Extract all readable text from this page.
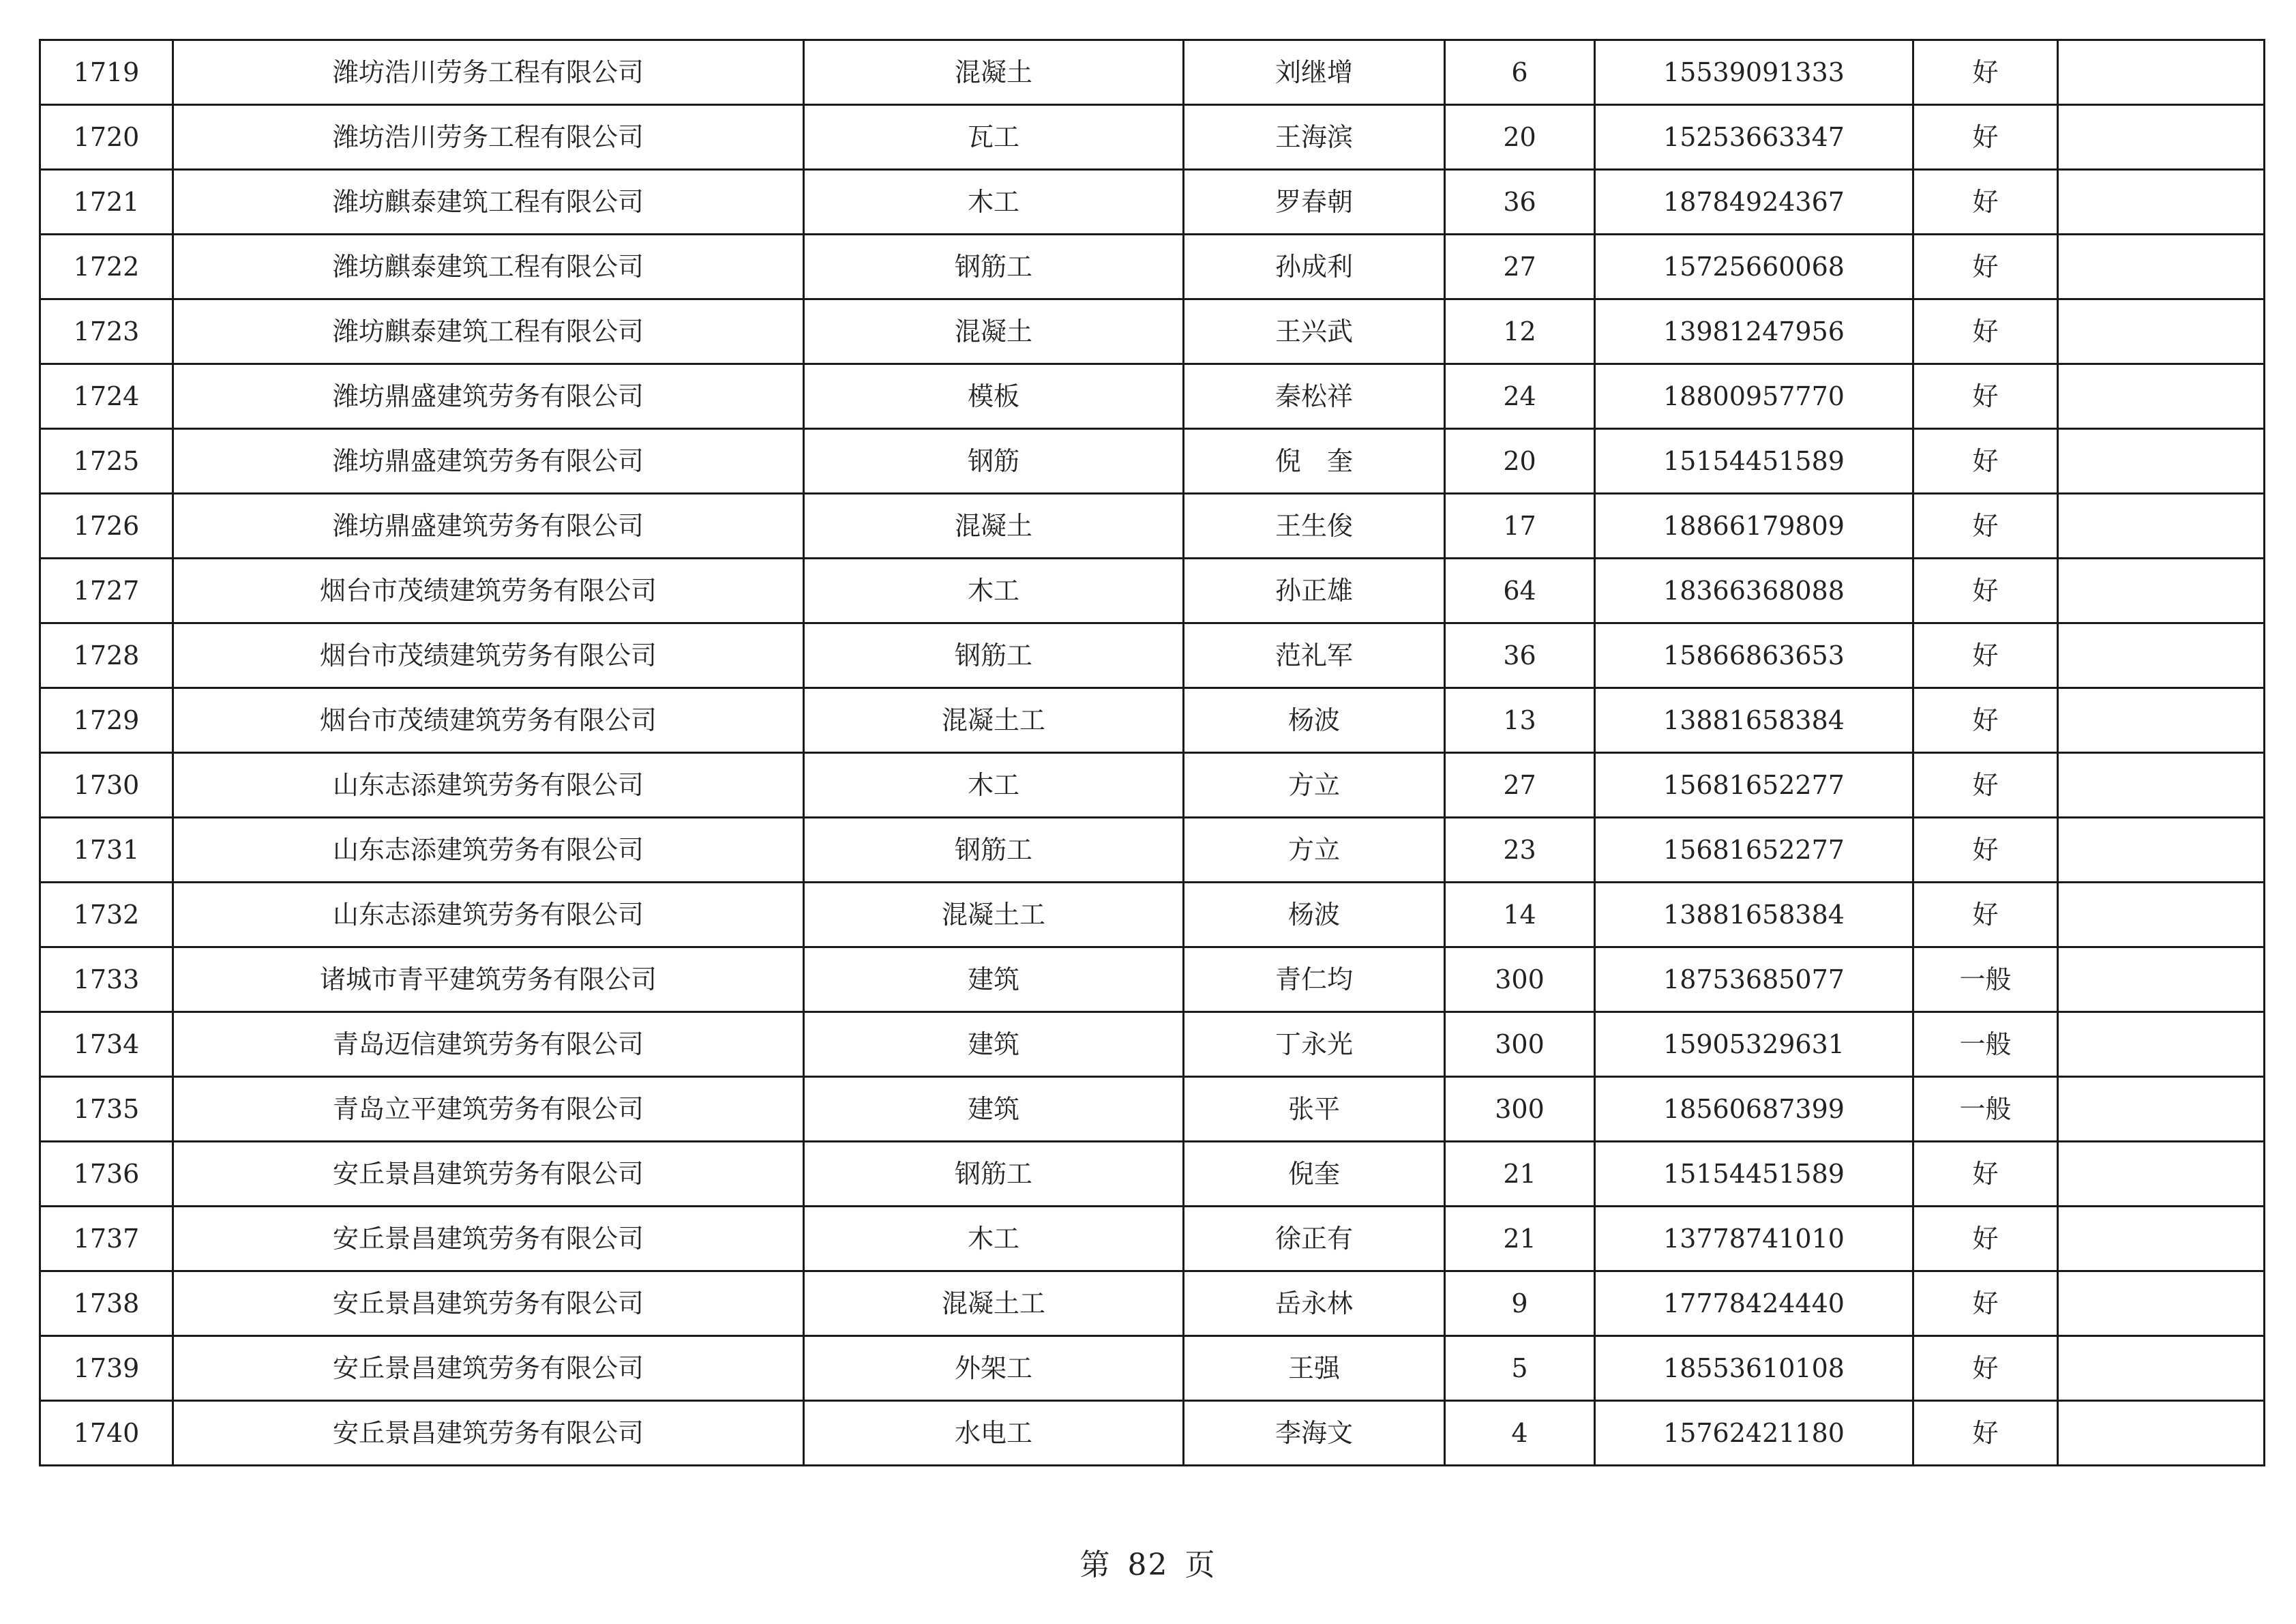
1719	潍坊浩川劳务工程有限公司	混凝土	刘继增	6	15539091333	好	
1720	潍坊浩川劳务工程有限公司	瓦工	王海滨	20	15253663347	好	
1721	潍坊麒泰建筑工程有限公司	木工	罗春朝	36	18784924367	好	
1722	潍坊麒泰建筑工程有限公司	钢筋工	孙成利	27	15725660068	好	
1723	潍坊麒泰建筑工程有限公司	混凝土	王兴武	12	13981247956	好	
1724	潍坊鼎盛建筑劳务有限公司	模板	秦松祥	24	18800957770	好	
1725	潍坊鼎盛建筑劳务有限公司	钢筋	倪　奎	20	15154451589	好	
1726	潍坊鼎盛建筑劳务有限公司	混凝土	王生俊	17	18866179809	好	
1727	烟台市茂绩建筑劳务有限公司	木工	孙正雄	64	18366368088	好	
1728	烟台市茂绩建筑劳务有限公司	钢筋工	范礼军	36	15866863653	好	
1729	烟台市茂绩建筑劳务有限公司	混凝土工	杨波	13	13881658384	好	
1730	山东志添建筑劳务有限公司	木工	方立	27	15681652277	好	
1731	山东志添建筑劳务有限公司	钢筋工	方立	23	15681652277	好	
1732	山东志添建筑劳务有限公司	混凝土工	杨波	14	13881658384	好	
1733	诸城市青平建筑劳务有限公司	建筑	青仁均	300	18753685077	一般	
1734	青岛迈信建筑劳务有限公司	建筑	丁永光	300	15905329631	一般	
1735	青岛立平建筑劳务有限公司	建筑	张平	300	18560687399	一般	
1736	安丘景昌建筑劳务有限公司	钢筋工	倪奎	21	15154451589	好	
1737	安丘景昌建筑劳务有限公司	木工	徐正有	21	13778741010	好	
1738	安丘景昌建筑劳务有限公司	混凝土工	岳永林	9	17778424440	好	
1739	安丘景昌建筑劳务有限公司	外架工	王强	5	18553610108	好	
1740	安丘景昌建筑劳务有限公司	水电工	李海文	4	15762421180	好	
第 82 页
